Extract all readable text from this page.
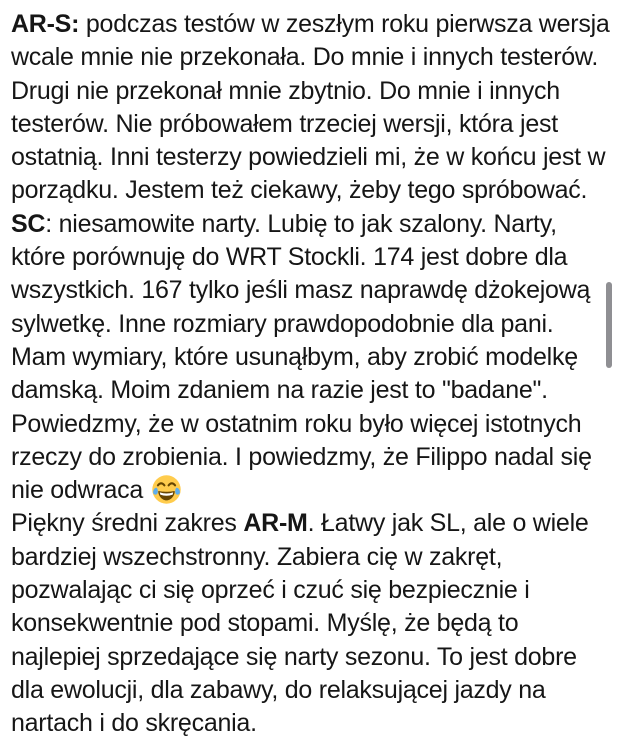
AR-S: podczas testów w zeszłym roku pierwsza wersja
wcale mnie nie przekonała. Do mnie i innych testerów.
Drugi nie przekonał mnie zbytnio. Do mnie i innych
testerów. Nie próbowałem trzeciej wersji, która jest
ostatnią. Inni testerzy powiedzieli mi, że w końcu jest w
porządku. Jestem też ciekawy, żeby tego spróbować.
SC: niesamowite narty. Lubię to jak szalony. Narty,
które porównuję do WRT Stockli. 174 jest dobre dla
wszystkich. 167 tylko jeśli masz naprawdę dżokejową
sylwetkę. Inne rozmiary prawdopodobnie dla pani.
Mam wymiary, które usunąłbym, aby zrobić modelkę
damską. Moim zdaniem na razie jest to "badane".
Powiedzmy, że w ostatnim roku było więcej istotnych
rzeczy do zrobienia. I powiedzmy, że Filippo nadal się
nie odwraca
Piękny średni zakres AR-M. Łatwy jak SL, ale o wiele
bardziej wszechstronny. Zabiera cię w zakręt,
pozwalając ci się oprzeć i czuć się bezpiecznie i
konsekwentnie pod stopami. Myślę, że będą to
najlepiej sprzedające się narty sezonu. To jest dobre
dla ewolucji, dla zabawy, do relaksującej jazdy na
nartach i do skręcania.
